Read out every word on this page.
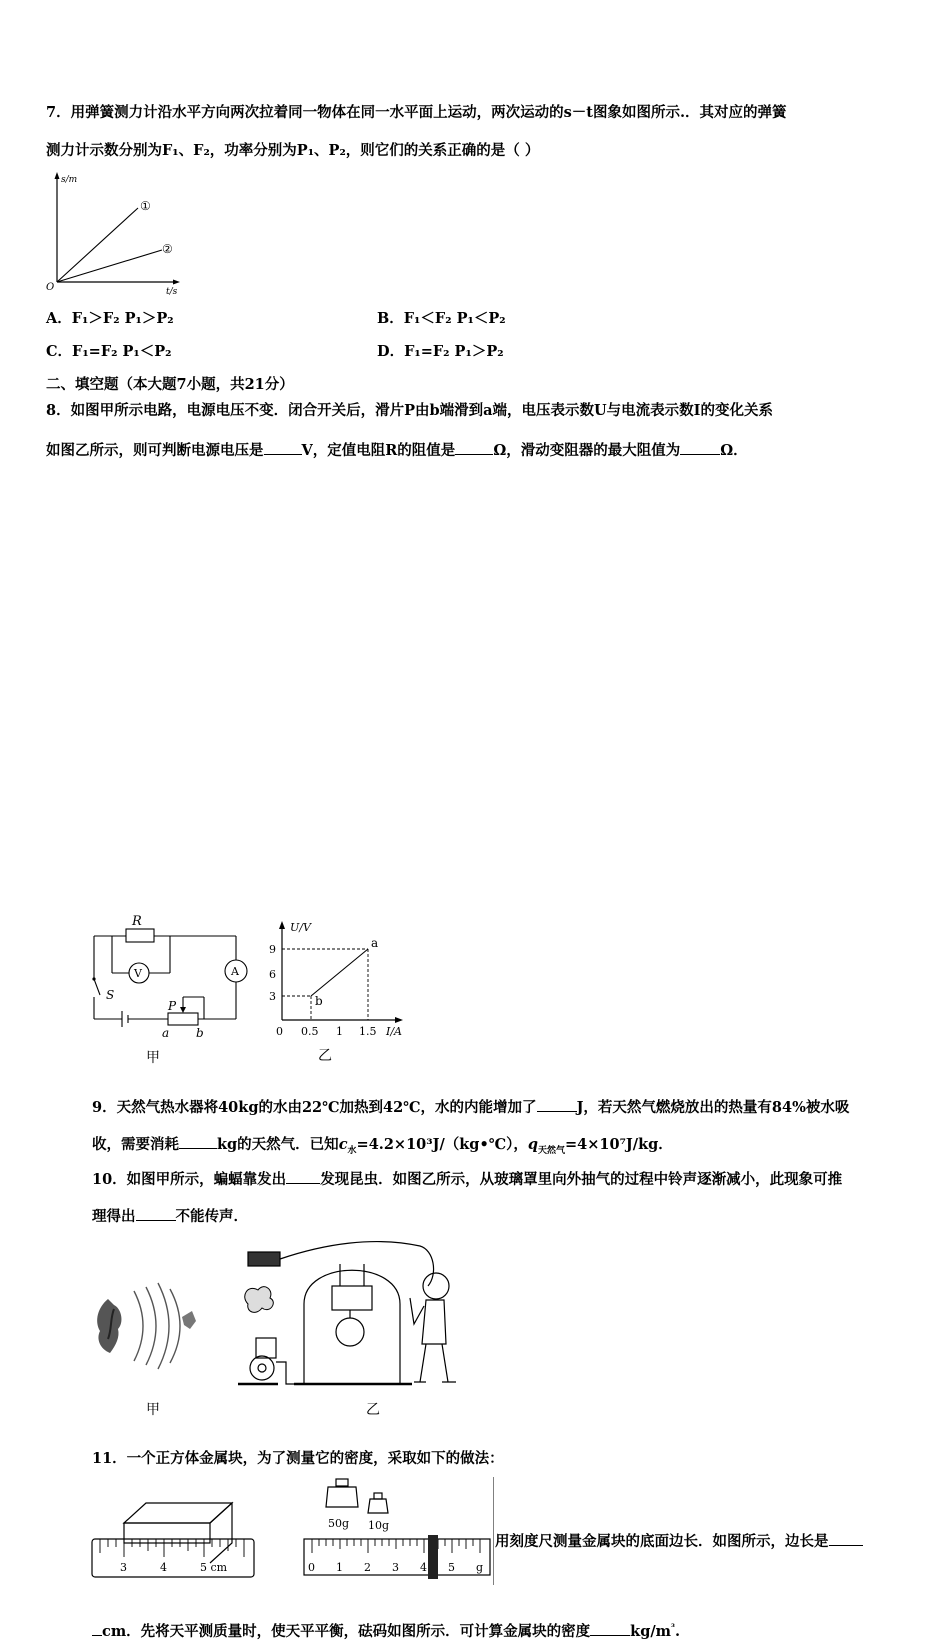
7．用弹簧测力计沿水平方向两次拉着同一物体在同一水平面上运动，两次运动的s－t图象如图所示.．其对应的弹簧
测力计示数分别为F₁、F₂，功率分别为P₁、P₂，则它们的关系正确的是（ ）
s/m
t/s
O
①
②
A．F₁＞F₂ P₁＞P₂	B．F₁＜F₂ P₁＜P₂
C．F₁=F₂ P₁＜P₂	D．F₁=F₂ P₁＞P₂
二、填空题（本大题7小题，共21分）
8．如图甲所示电路，电源电压不变．闭合开关后，滑片P由b端滑到a端，电压表示数U与电流表示数I的变化关系
如图乙所示，则可判断电源电压是	V，定值电阻R的阻值是	Ω，滑动变阻器的最大阻值为	Ω．
R
V	A
S
P
a b
甲
U/V
9
6
3
0 0.5 1 1.5 I/A
a
b
乙
9．天然气热水器将40kg的水由22℃加热到42℃，水的内能增加了	J，若天然气燃烧放出的热量有84%被水吸
收，需要消耗	kg的天然气．已知$c_水=4.2\times 10^3J/(kg•℃)$，$q_{天然气}=4\times 10^7J/kg$．
10．如图甲所示，蝙蝠靠发出 发现昆虫．如图乙所示，从玻璃罩里向外抽气的过程中铃声逐渐减小，此现象可推
理得出	不能传声．
甲	乙
11．一个正方体金属块，为了测量它的密度，采取如下的做法：
3	4	5 cm
50g 10g
0 1 2 3 4 5 g
用刻度尺测量金属块的底面边长．如图所示，边长是
cm．先将天平测质量时，使天平平衡，砝码如图所示．可计算金属块的密度	$kg/m^{^3}$.
